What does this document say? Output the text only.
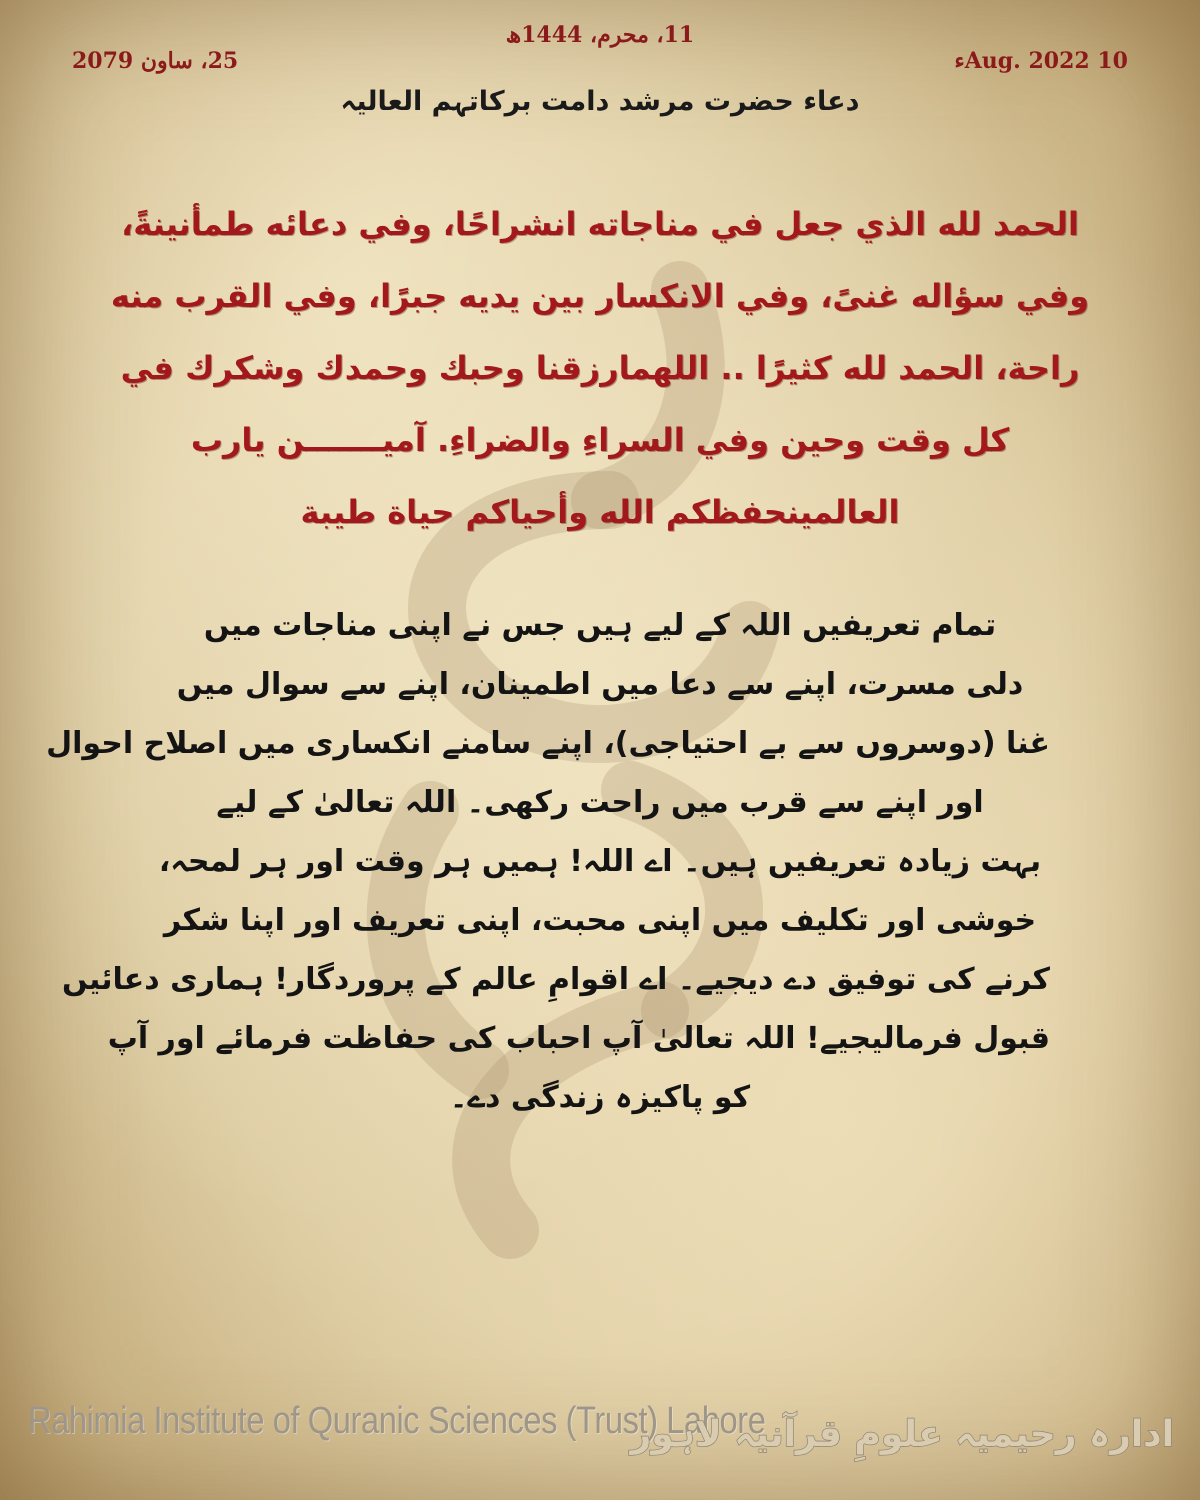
11، محرم، 1444ھ
10 Aug. 2022ء
25، ساون 2079
دعاء حضرت مرشد دامت برکاتہم العالیہ
الحمد لله الذي جعل في مناجاته انشراحًا، وفي دعائه طمأنينةً، وفي سؤاله غنىً، وفي الانكسار بين يديه جبرًا، وفي القرب منه راحة، الحمد لله كثيرًا .. اللهمارزقنا وحبك وحمدك وشكرك في كل وقت وحين وفي السراءِ والضراءِ. آميـــــــن يارب العالمينحفظكم الله وأحياكم حياة طيبة
تمام تعریفیں اللہ کے لیے ہیں جس نے اپنی مناجات میں
دلی مسرت، اپنے سے دعا میں اطمینان، اپنے سے سوال میں
غنا (دوسروں سے بے احتیاجی)، اپنے سامنے انکساری میں اصلاح احوال
اور اپنے سے قرب میں راحت رکھی۔ اللہ تعالیٰ کے لیے
بہت زیادہ تعریفیں ہیں۔ اے اللہ! ہمیں ہر وقت اور ہر لمحہ،
خوشی اور تکلیف میں اپنی محبت، اپنی تعریف اور اپنا شکر
کرنے کی توفیق دے دیجیے۔ اے اقوامِ عالم کے پروردگار! ہماری دعائیں
قبول فرمالیجیے! اللہ تعالیٰ آپ احباب کی حفاظت فرمائے اور آپ
کو پاکیزہ زندگی دے۔
Rahimia Institute of Quranic Sciences (Trust) Lahore
ادارہ رحیمیہ علومِ قرآنیہ لاہور
